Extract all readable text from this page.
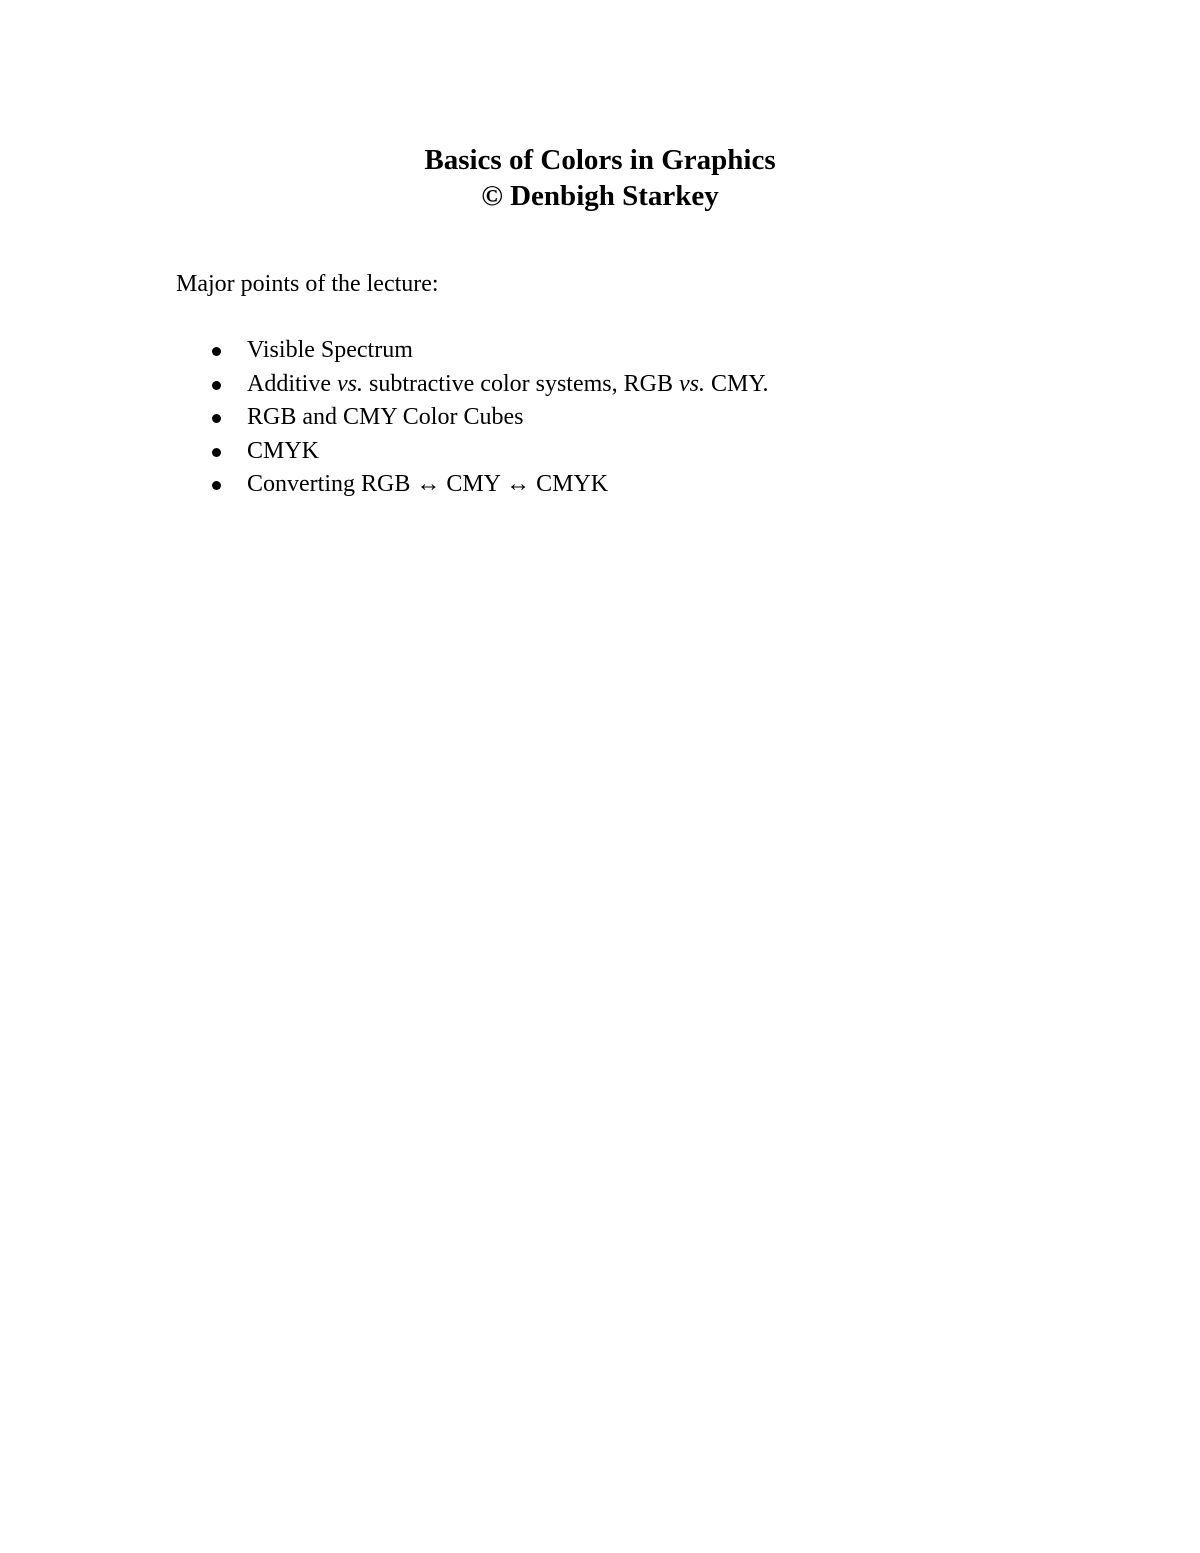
Basics of Colors in Graphics
© Denbigh Starkey
Major points of the lecture:
Visible Spectrum
Additive vs. subtractive color systems, RGB vs. CMY.
RGB and CMY Color Cubes
CMYK
Converting RGB ↔ CMY ↔ CMYK
